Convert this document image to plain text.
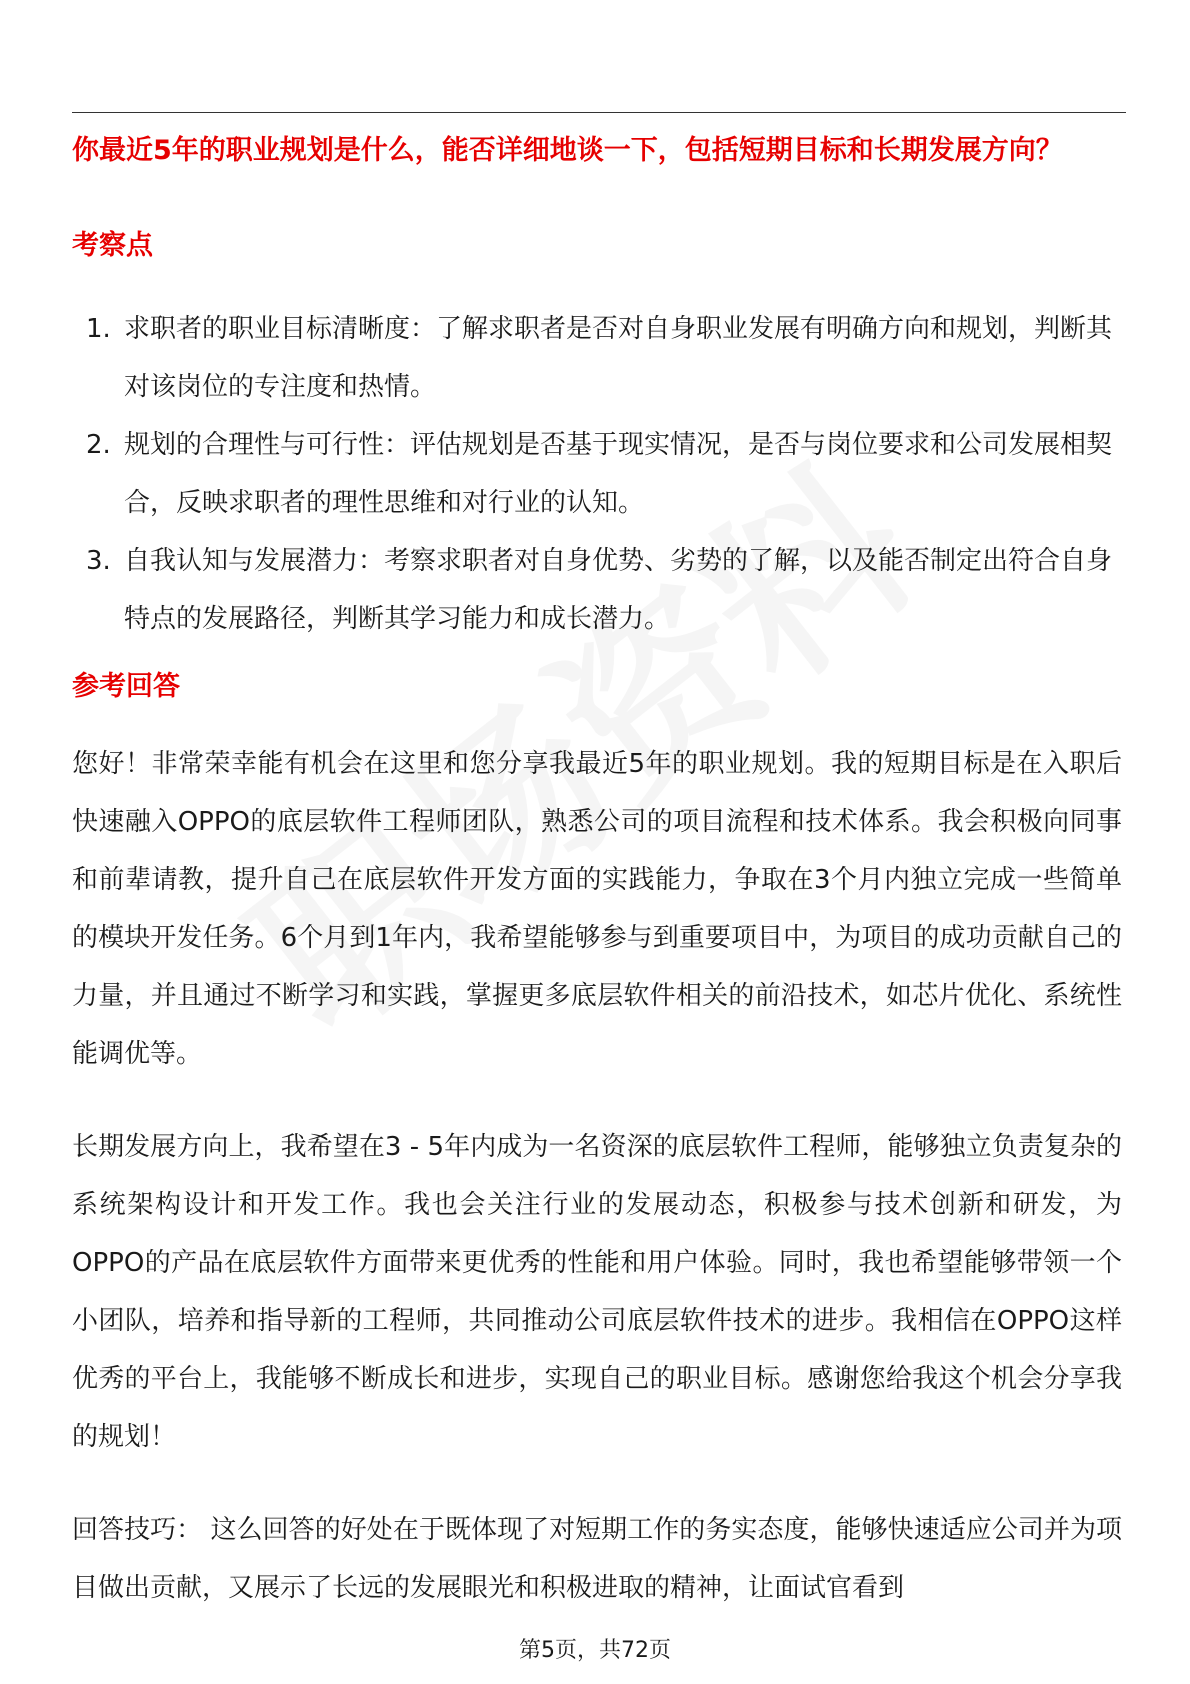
你最近5年的职业规划是什么，能否详细地谈一下，包括短期目标和长期发展方向？
考察点
1. 求职者的职业目标清晰度：了解求职者是否对自身职业发展有明确方向和规划，判断其对该岗位的专注度和热情。
2. 规划的合理性与可行性：评估规划是否基于现实情况，是否与岗位要求和公司发展相契合，反映求职者的理性思维和对行业的认知。
3. 自我认知与发展潜力：考察求职者对自身优势、劣势的了解，以及能否制定出符合自身特点的发展路径，判断其学习能力和成长潜力。
参考回答

您好！非常荣幸能有机会在这里和您分享我最近5年的职业规划。我的短期目标是在入职后快速融入OPPO的底层软件工程师团队，熟悉公司的项目流程和技术体系。我会积极向同事和前辈请教，提升自己在底层软件开发方面的实践能力，争取在3个月内独立完成一些简单的模块开发任务。6个月到1年内，我希望能够参与到重要项目中，为项目的成功贡献自己的力量，并且通过不断学习和实践，掌握更多底层软件相关的前沿技术，如芯片优化、系统性能调优等。

长期发展方向上，我希望在3 - 5年内成为一名资深的底层软件工程师，能够独立负责复杂的系统架构设计和开发工作。我也会关注行业的发展动态，积极参与技术创新和研发，为OPPO的产品在底层软件方面带来更优秀的性能和用户体验。同时，我也希望能够带领一个小团队，培养和指导新的工程师，共同推动公司底层软件技术的进步。我相信在OPPO这样优秀的平台上，我能够不断成长和进步，实现自己的职业目标。感谢您给我这个机会分享我的规划！

回答技巧： 这么回答的好处在于既体现了对短期工作的务实态度，能够快速适应公司并为项目做出贡献，又展示了长远的发展眼光和积极进取的精神，让面试官看到

第5页，共72页
